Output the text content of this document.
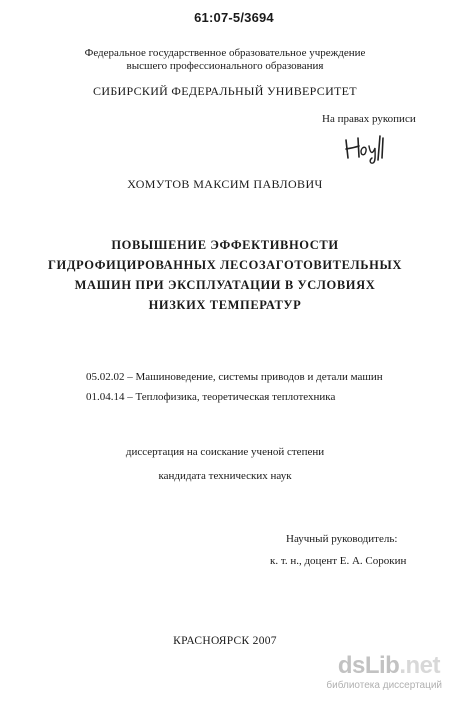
61:07-5/3694
Федеральное государственное образовательное учреждение
высшего профессионального образования
СИБИРСКИЙ ФЕДЕРАЛЬНЫЙ УНИВЕРСИТЕТ
На правах рукописи
ХОМУТОВ МАКСИМ ПАВЛОВИЧ
ПОВЫШЕНИЕ ЭФФЕКТИВНОСТИ
ГИДРОФИЦИРОВАННЫХ ЛЕСОЗАГОТОВИТЕЛЬНЫХ
МАШИН ПРИ ЭКСПЛУАТАЦИИ В УСЛОВИЯХ
НИЗКИХ ТЕМПЕРАТУР
05.02.02 – Машиноведение, системы приводов и детали машин
01.04.14 – Теплофизика, теоретическая теплотехника
диссертация на соискание ученой степени
кандидата технических наук
Научный руководитель:
к. т. н., доцент Е. А. Сорокин
КРАСНОЯРСК 2007
dsLib.net
библиотека диссертаций
